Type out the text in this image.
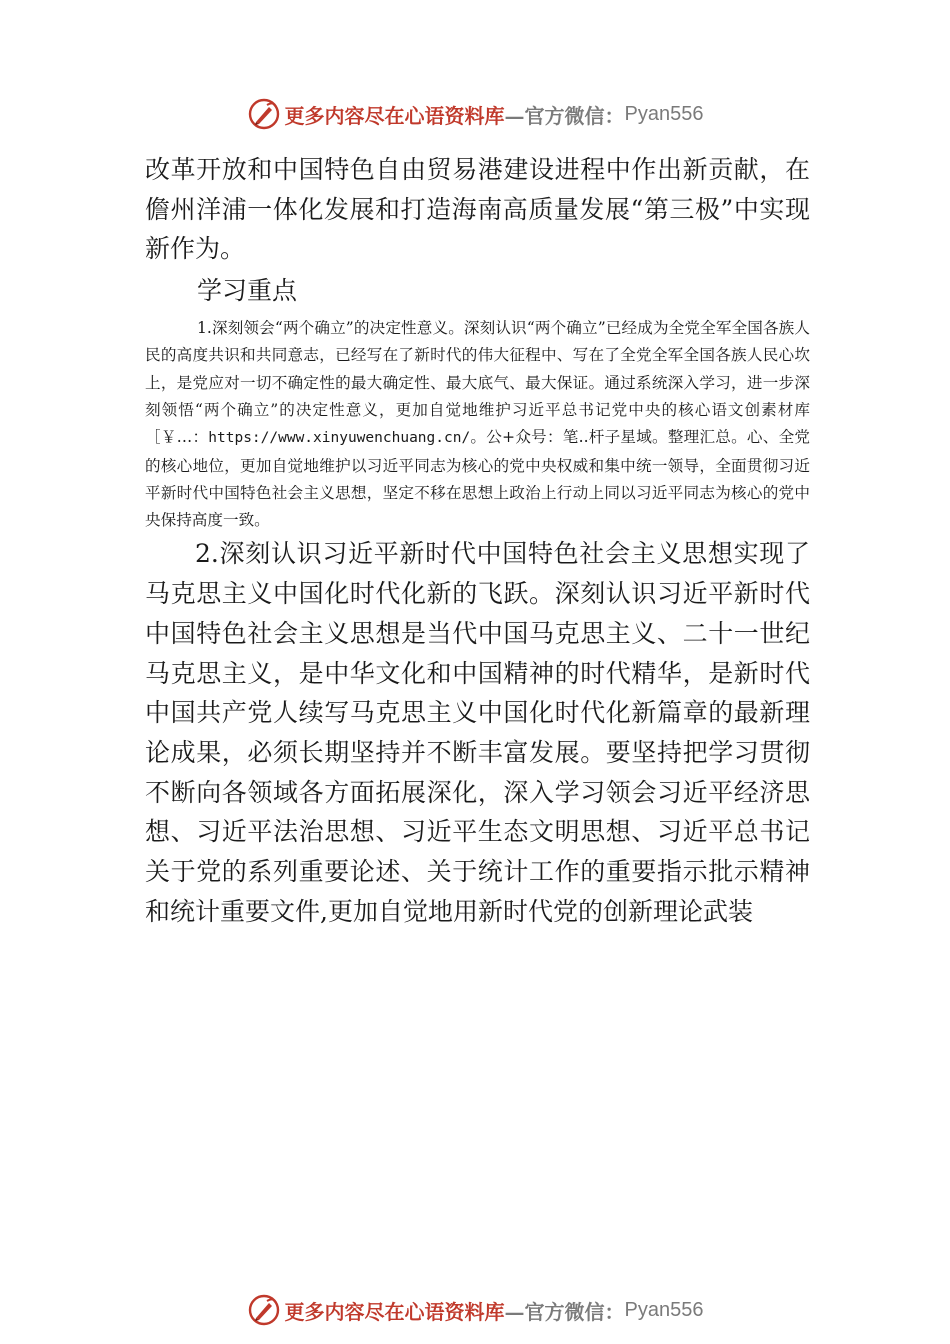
更多内容尽在心语资料库 —官方微信： Pyan556

改革开放和中国特色自由贸易港建设进程中作出新贡献，在儋州洋浦一体化发展和打造海南高质量发展“第三极”中实现新作为。

学习重点

1.深刻领会“两个确立”的决定性意义。深刻认识“两个确立”已经成为全党全军全国各族人民的高度共识和共同意志，已经写在了新时代的伟大征程中、写在了全党全军全国各族人民心坎上，是党应对一切不确定性的最大确定性、最大底气、最大保证。通过系统深入学习，进一步深刻领悟“两个确立”的决定性意义，更加自觉地维护习近平总书记党中央的核心语文创素材库［￥…：https://www.xinyuwenchuang.cn/。公+众号：笔..杆子星域。整理汇总。心、全党的核心地位，更加自觉地维护以习近平同志为核心的党中央权威和集中统一领导，全面贯彻习近平新时代中国特色社会主义思想，坚定不移在思想上政治上行动上同以习近平同志为核心的党中央保持高度一致。

2.深刻认识习近平新时代中国特色社会主义思想实现了马克思主义中国化时代化新的飞跃。深刻认识习近平新时代中国特色社会主义思想是当代中国马克思主义、二十一世纪马克思主义，是中华文化和中国精神的时代精华，是新时代中国共产党人续写马克思主义中国化时代化新篇章的最新理论成果，必须长期坚持并不断丰富发展。要坚持把学习贯彻不断向各领域各方面拓展深化，深入学习领会习近平经济思想、习近平法治思想、习近平生态文明思想、习近平总书记关于党的系列重要论述、关于统计工作的重要指示批示精神和统计重要文件,更加自觉地用新时代党的创新理论武装

更多内容尽在心语资料库 —官方微信： Pyan556
